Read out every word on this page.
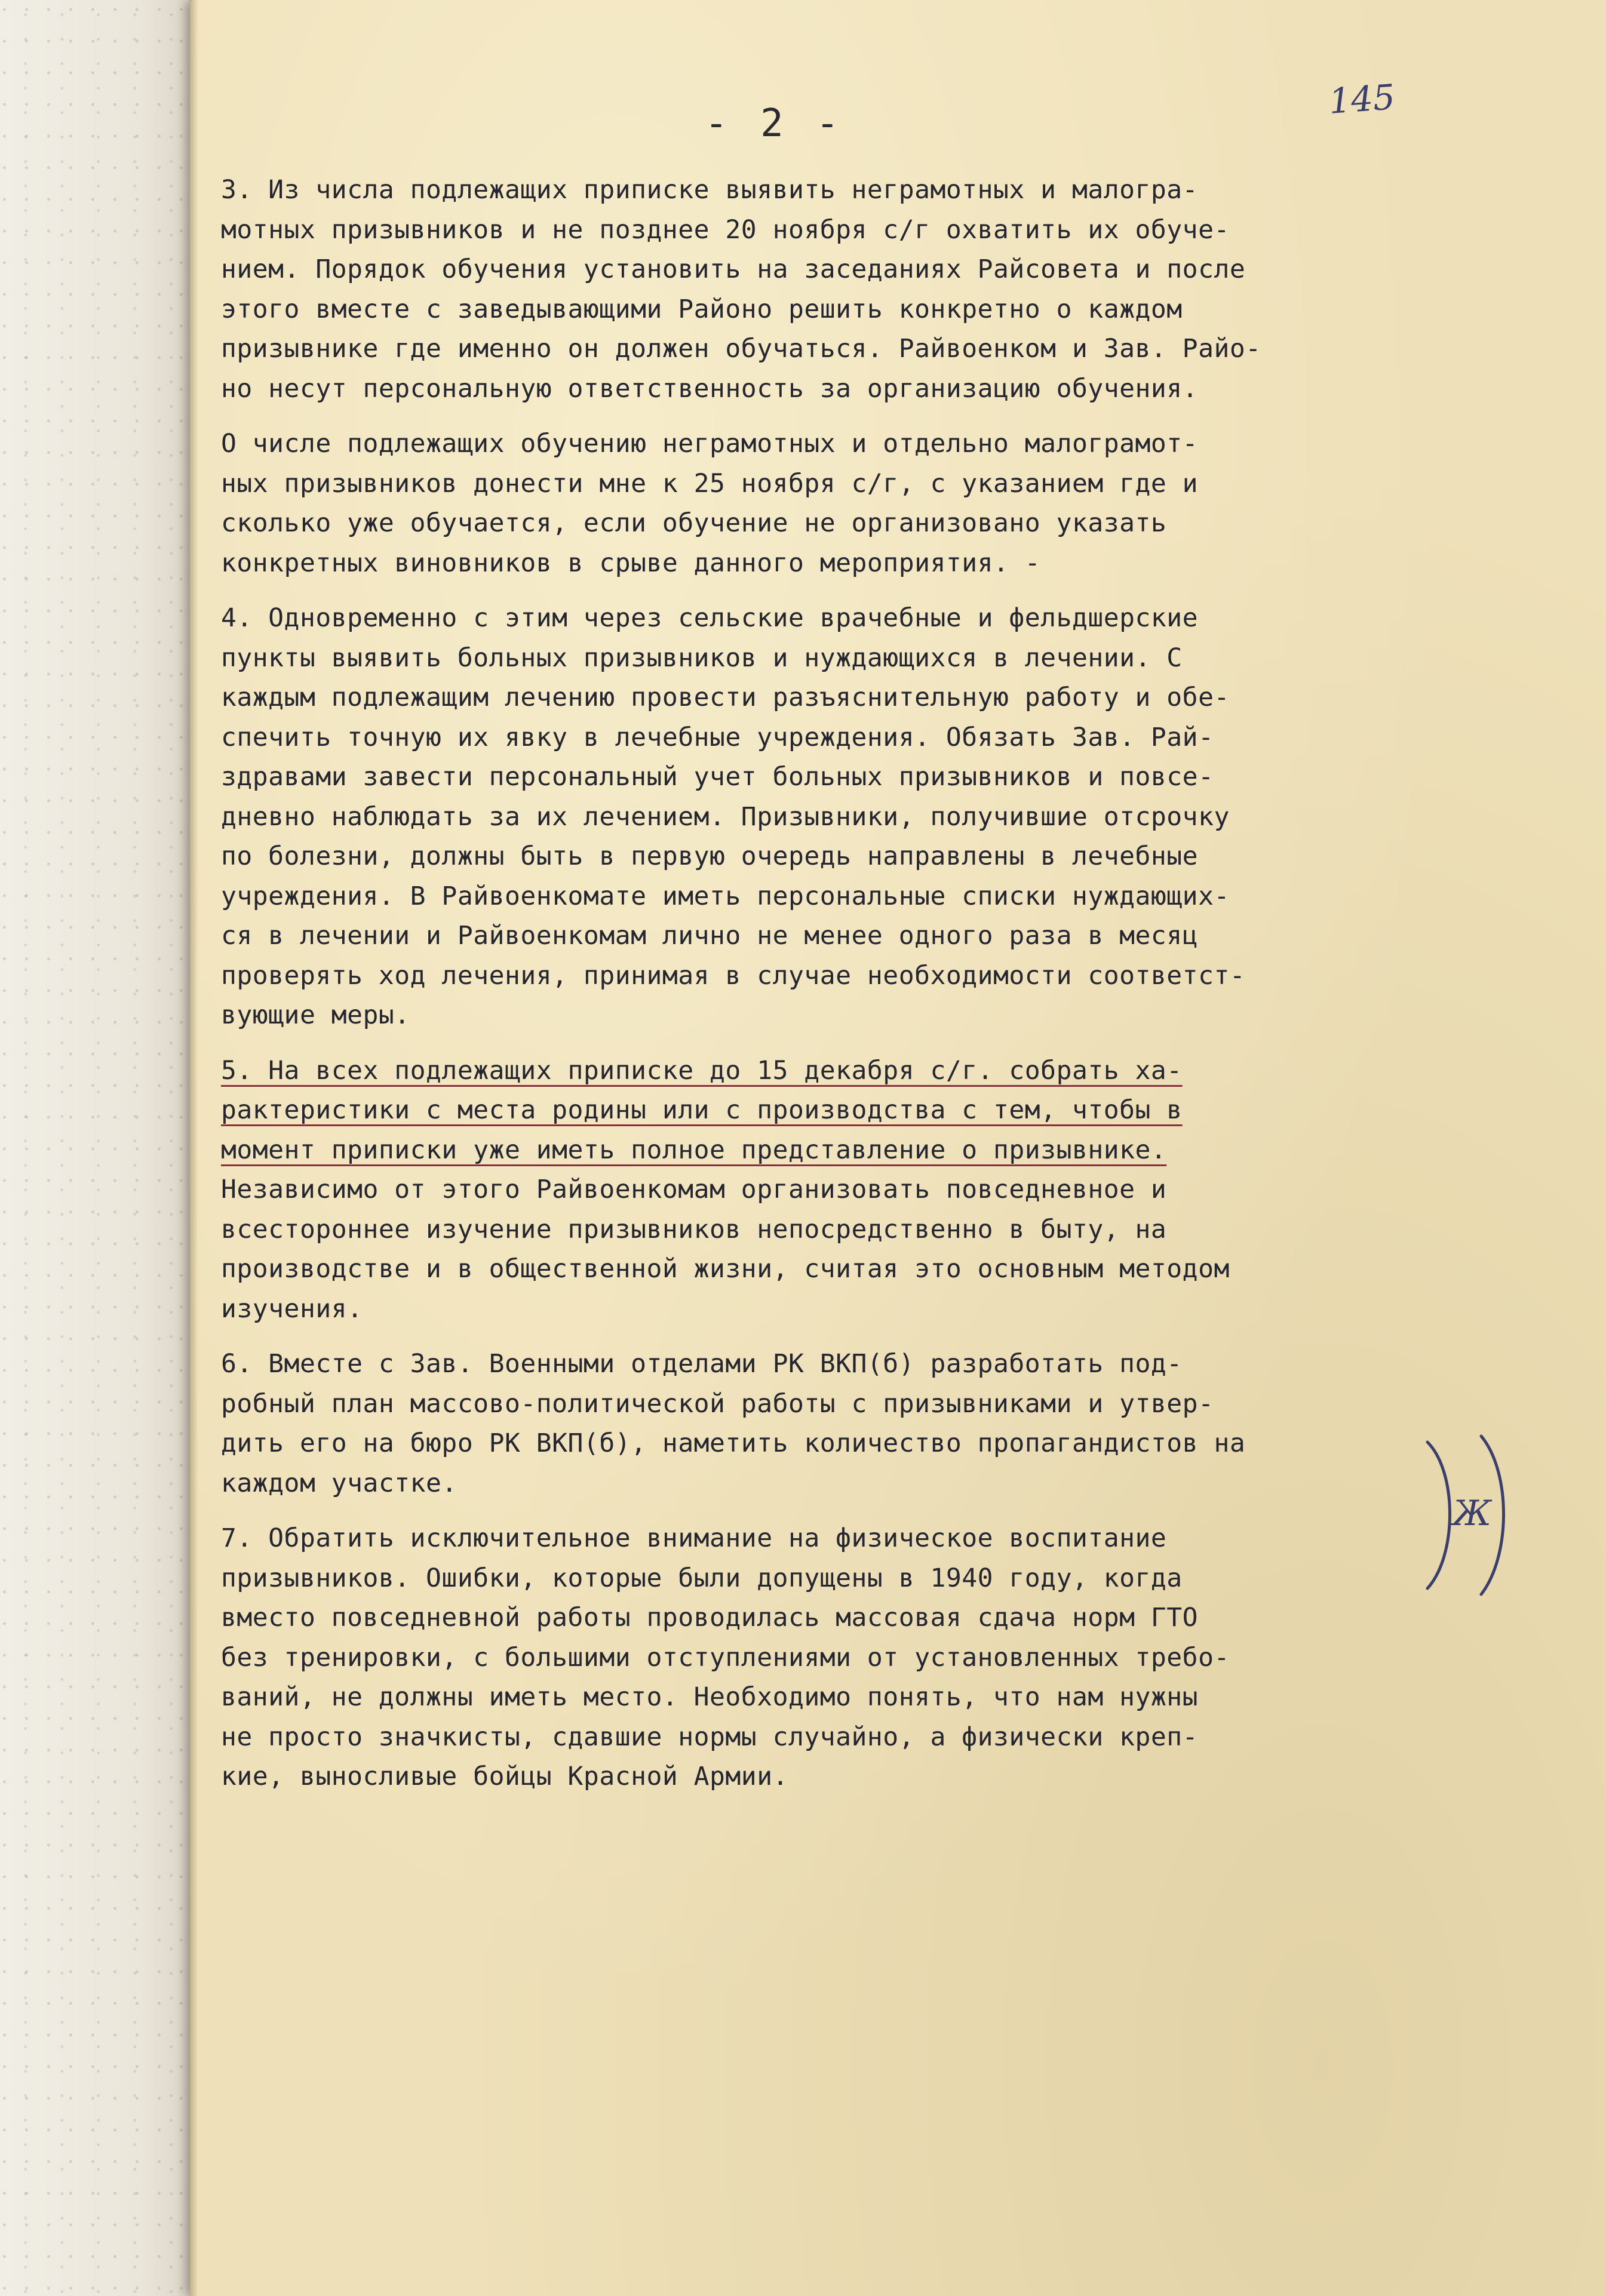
- 2 -
145
3. Из числа подлежащих приписке выявить неграмотных и малогра-
мотных призывников и не позднее 20 ноября с/г охватить их обуче-
нием. Порядок обучения установить на заседаниях Райсовета и после
этого вместе с заведывающими Районо решить конкретно о каждом
призывнике где именно он должен обучаться. Райвоенком и Зав. Райо-
но несут персональную ответственность за организацию обучения.
О числе подлежащих обучению неграмотных и отдельно малограмот-
ных призывников донести мне к 25 ноября с/г, с указанием где и
сколько уже обучается, если обучение не организовано указать
конкретных виновников в срыве данного мероприятия. -
4. Одновременно с этим через сельские врачебные и фельдшерские
пункты выявить больных призывников и нуждающихся в лечении. С
каждым подлежащим лечению провести разъяснительную работу и обе-
спечить точную их явку в лечебные учреждения. Обязать Зав. Рай-
здравами завести персональный учет больных призывников и повсе-
дневно наблюдать за их лечением. Призывники, получившие отсрочку
по болезни, должны быть в первую очередь направлены в лечебные
учреждения. В Райвоенкомате иметь персональные списки нуждающих-
ся в лечении и Райвоенкомам лично не менее одного раза в месяц
проверять ход лечения, принимая в случае необходимости соответст-
вующие меры.
5. На всех подлежащих приписке до 15 декабря с/г. собрать ха-
рактеристики с места родины или с производства с тем, чтобы в
момент приписки уже иметь полное представление о призывнике.
Независимо от этого Райвоенкомам организовать повседневное и
всестороннее изучение призывников непосредственно в быту, на
производстве и в общественной жизни, считая это основным методом
изучения.
6. Вместе с Зав. Военными отделами РК ВКП(б) разработать под-
робный план массово-политической работы с призывниками и утвер-
дить его на бюро РК ВКП(б), наметить количество пропагандистов на
каждом участке.
7. Обратить исключительное внимание на физическое воспитание
призывников. Ошибки, которые были допущены в 1940 году, когда
вместо повседневной работы проводилась массовая сдача норм ГТО
без тренировки, с большими отступлениями от установленных требо-
ваний, не должны иметь место. Необходимо понять, что нам нужны
не просто значкисты, сдавшие нормы случайно, а физически креп-
кие, выносливые бойцы Красной Армии.
Ж
